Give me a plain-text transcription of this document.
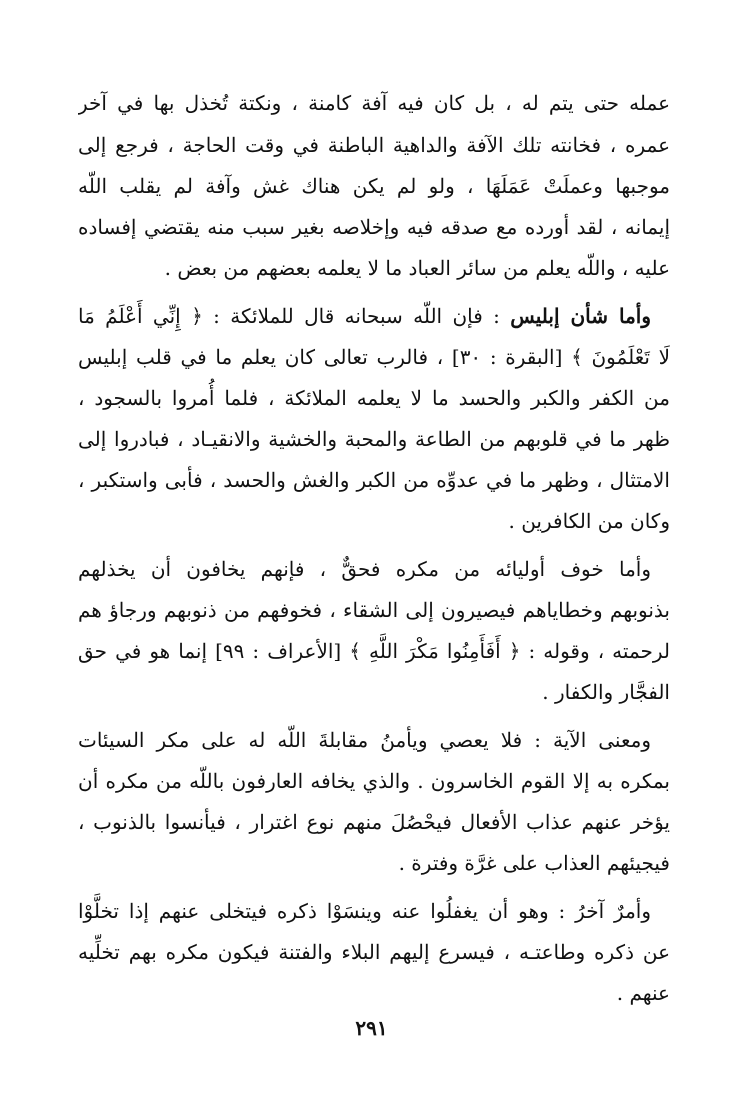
عمله حتى يتم له ، بل كان فيه آفة كامنة ، ونكتة تُخذل بها في آخر
عمره ، فخانته تلك الآفة والداهية الباطنة في وقت الحاجة ، فرجع إلى
موجبها وعملَتْ عَمَلَهَا ، ولو لم يكن هناك غش وآفة لم يقلب اللّه
إيمانه ، لقد أورده مع صدقه فيه وإخلاصه بغير سبب منه يقتضي إفساده
عليه ، واللّه يعلم من سائر العباد ما لا يعلمه بعضهم من بعض .
وأما شأن إبليس : فإن اللّه سبحانه قال للملائكة : ﴿ إِنِّي أَعْلَمُ مَا
لَا تَعْلَمُونَ ﴾ [البقرة : ٣٠] ، فالرب تعالى كان يعلم ما في قلب إبليس
من الكفر والكبر والحسد ما لا يعلمه الملائكة ، فلما أُمروا بالسجود ،
ظهر ما في قلوبهم من الطاعة والمحبة والخشية والانقيـاد ، فبادروا إلى
الامتثال ، وظهر ما في عدوِّه من الكبر والغش والحسد ، فأبى واستكبر ،
وكان من الكافرين .
وأما خوف أوليائه من مكره فحقٌّ ، فإنهم يخافون أن يخذلهم
بذنوبهم وخطاياهم فيصيرون إلى الشقاء ، فخوفهم من ذنوبهم ورجاؤ هم
لرحمته ، وقوله : ﴿ أَفَأَمِنُوا مَكْرَ اللَّهِ ﴾ [الأعراف : ٩٩] إنما هو في حق
الفجَّار والكفار .
ومعنى الآية : فلا يعصي ويأمنُ مقابلةَ اللّه له على مكر السيئات
بمكره به إلا القوم الخاسرون . والذي يخافه العارفون باللّه من مكره أن
يؤخر عنهم عذاب الأفعال فيحْصُلَ منهم نوع اغترار ، فيأنسوا بالذنوب ،
فيجيئهم العذاب على غرَّة وفترة .
وأمرٌ آخرُ : وهو أن يغفلُوا عنه وينسَوْا ذكره فيتخلى عنهم إذا تخلَّوْا
عن ذكره وطاعتـه ، فيسرع إليهم البلاء والفتنة فيكون مكره بهم تخلِّيه
عنهم .
٢٩١
